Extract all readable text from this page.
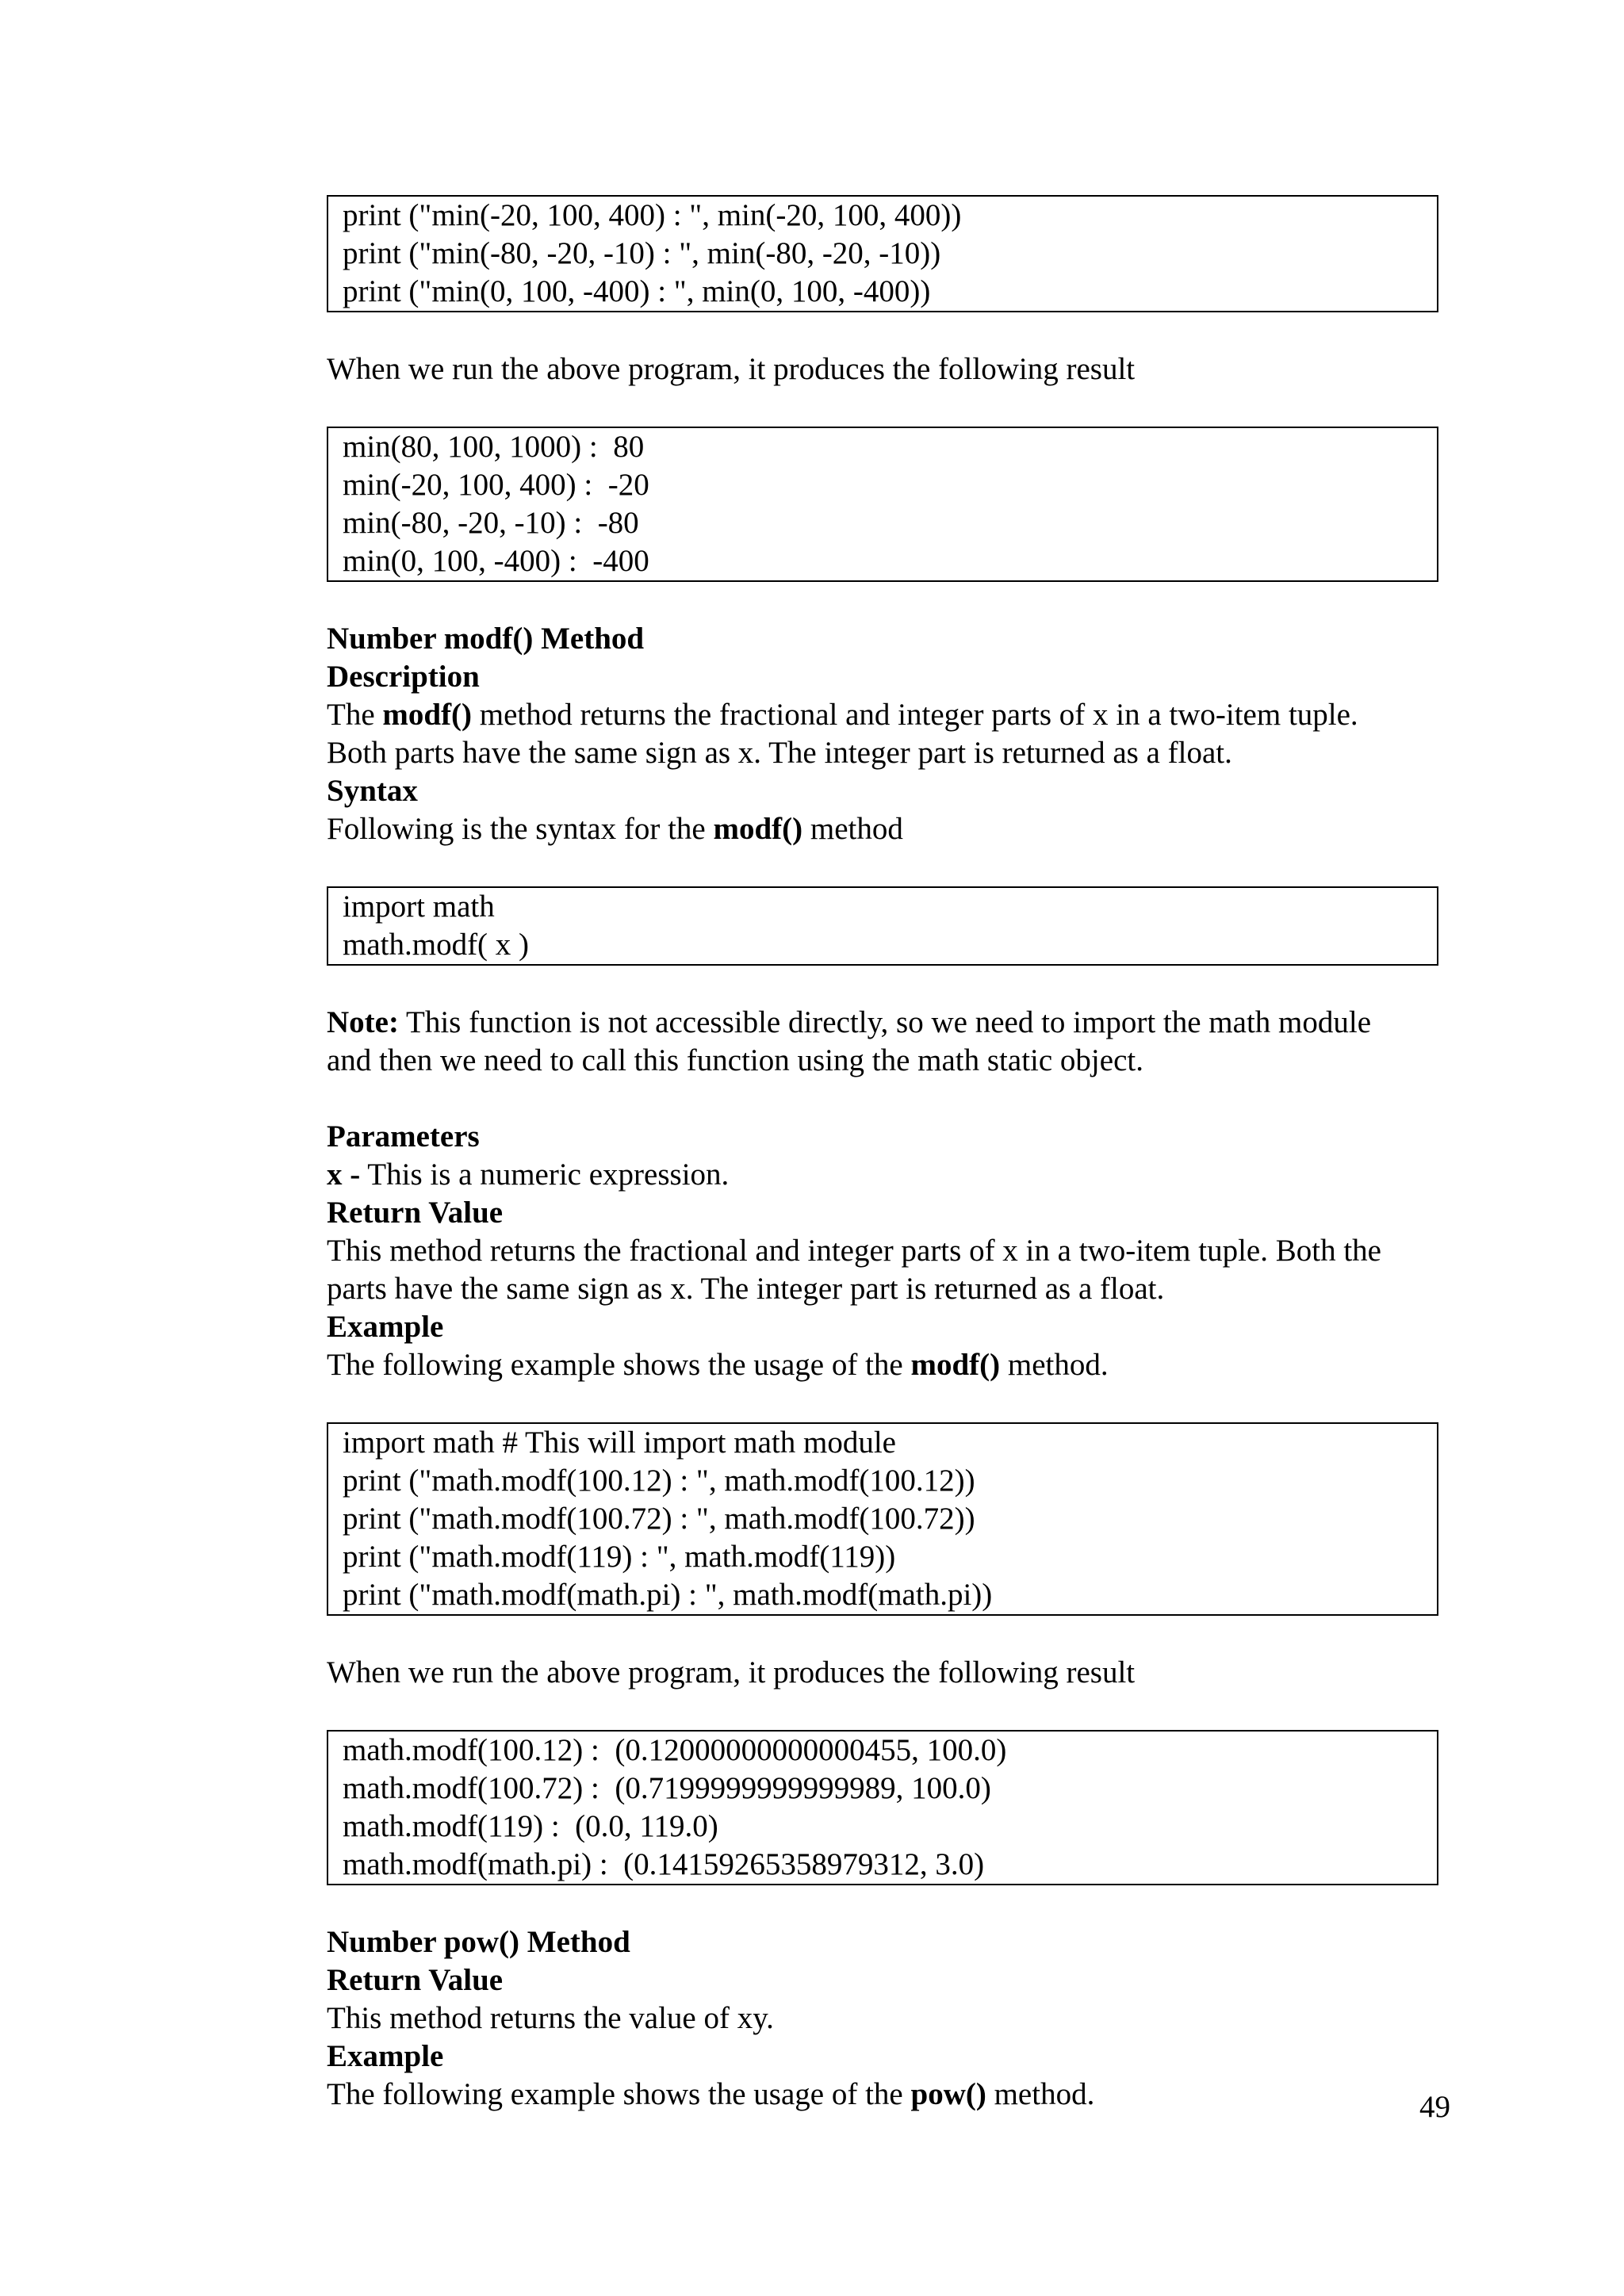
print ("min(-20, 100, 400) : ", min(-20, 100, 400))

print ("min(-80, -20, -10) : ", min(-80, -20, -10))

print ("min(0, 100, -400) : ", min(0, 100, -400))

When we run the above program, it produces the following result

min(80, 100, 1000) :  80

min(-20, 100, 400) :  -20

min(-80, -20, -10) :  -80

min(0, 100, -400) :  -400

Number modf() Method

Description

The modf() method returns the fractional and integer parts of x in a two-item tuple.

Both parts have the same sign as x. The integer part is returned as a float.

Syntax

Following is the syntax for the modf() method

import math

math.modf( x )

Note: This function is not accessible directly, so we need to import the math module

and then we need to call this function using the math static object.

Parameters

x - This is a numeric expression.

Return Value

This method returns the fractional and integer parts of x in a two-item tuple. Both the

parts have the same sign as x. The integer part is returned as a float.

Example

The following example shows the usage of the modf() method.

import math # This will import math module

print ("math.modf(100.12) : ", math.modf(100.12))

print ("math.modf(100.72) : ", math.modf(100.72))

print ("math.modf(119) : ", math.modf(119))

print ("math.modf(math.pi) : ", math.modf(math.pi))

When we run the above program, it produces the following result

math.modf(100.12) :  (0.12000000000000455, 100.0)

math.modf(100.72) :  (0.7199999999999989, 100.0)

math.modf(119) :  (0.0, 119.0)

math.modf(math.pi) :  (0.14159265358979312, 3.0)

Number pow() Method

Return Value

This method returns the value of xy.

Example

The following example shows the usage of the pow() method.	49
